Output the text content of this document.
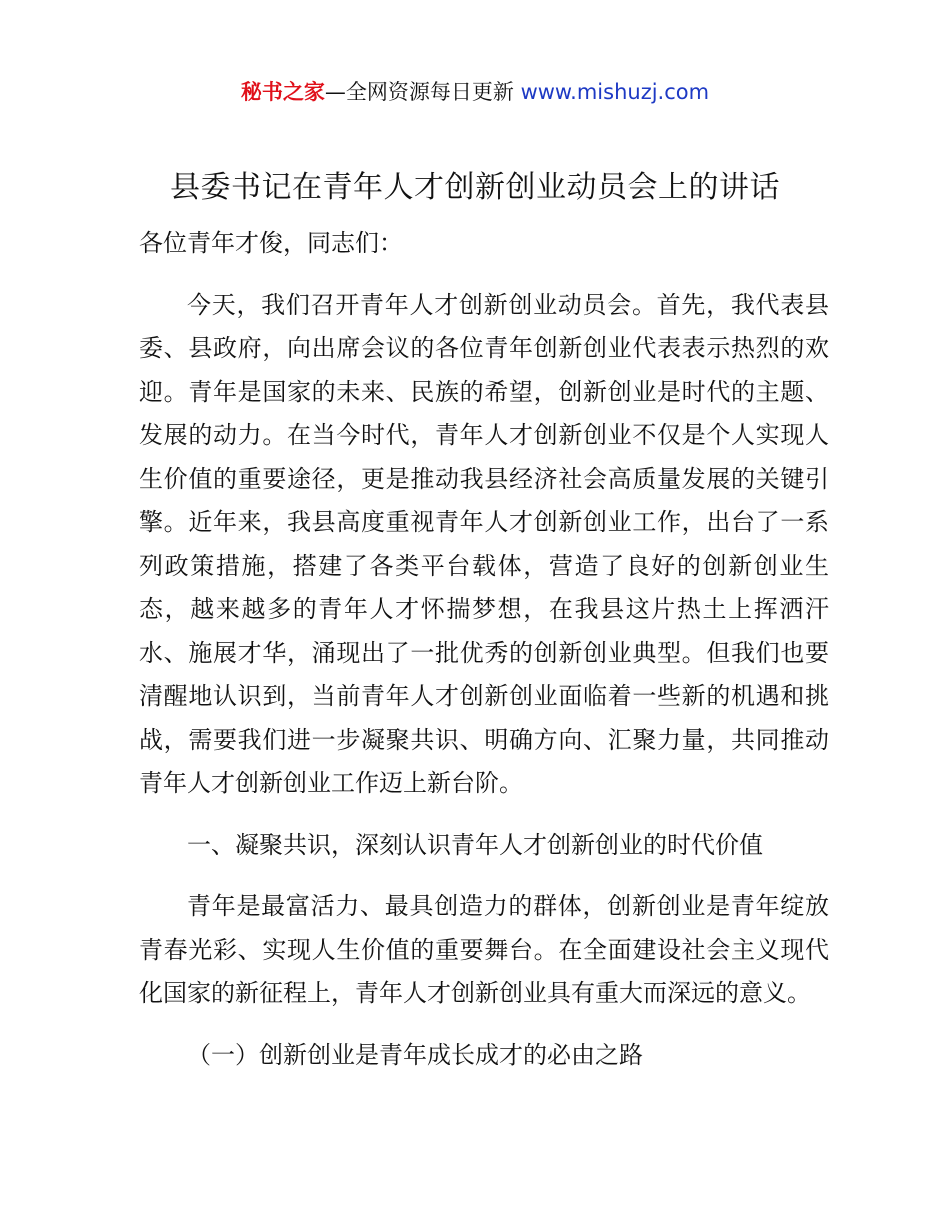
秘书之家—全网资源每日更新 www.mishuzj.com
县委书记在青年人才创新创业动员会上的讲话

各位青年才俊，同志们：

今天，我们召开青年人才创新创业动员会。首先，我代表县委、县政府，向出席会议的各位青年创新创业代表表示热烈的欢迎。青年是国家的未来、民族的希望，创新创业是时代的主题、发展的动力。在当今时代，青年人才创新创业不仅是个人实现人生价值的重要途径，更是推动我县经济社会高质量发展的关键引擎。近年来，我县高度重视青年人才创新创业工作，出台了一系列政策措施，搭建了各类平台载体，营造了良好的创新创业生态，越来越多的青年人才怀揣梦想，在我县这片热土上挥洒汗水、施展才华，涌现出了一批优秀的创新创业典型。但我们也要清醒地认识到，当前青年人才创新创业面临着一些新的机遇和挑战，需要我们进一步凝聚共识、明确方向、汇聚力量，共同推动青年人才创新创业工作迈上新台阶。

一、凝聚共识，深刻认识青年人才创新创业的时代价值

青年是最富活力、最具创造力的群体，创新创业是青年绽放青春光彩、实现人生价值的重要舞台。在全面建设社会主义现代化国家的新征程上，青年人才创新创业具有重大而深远的意义。

（一）创新创业是青年成长成才的必由之路
